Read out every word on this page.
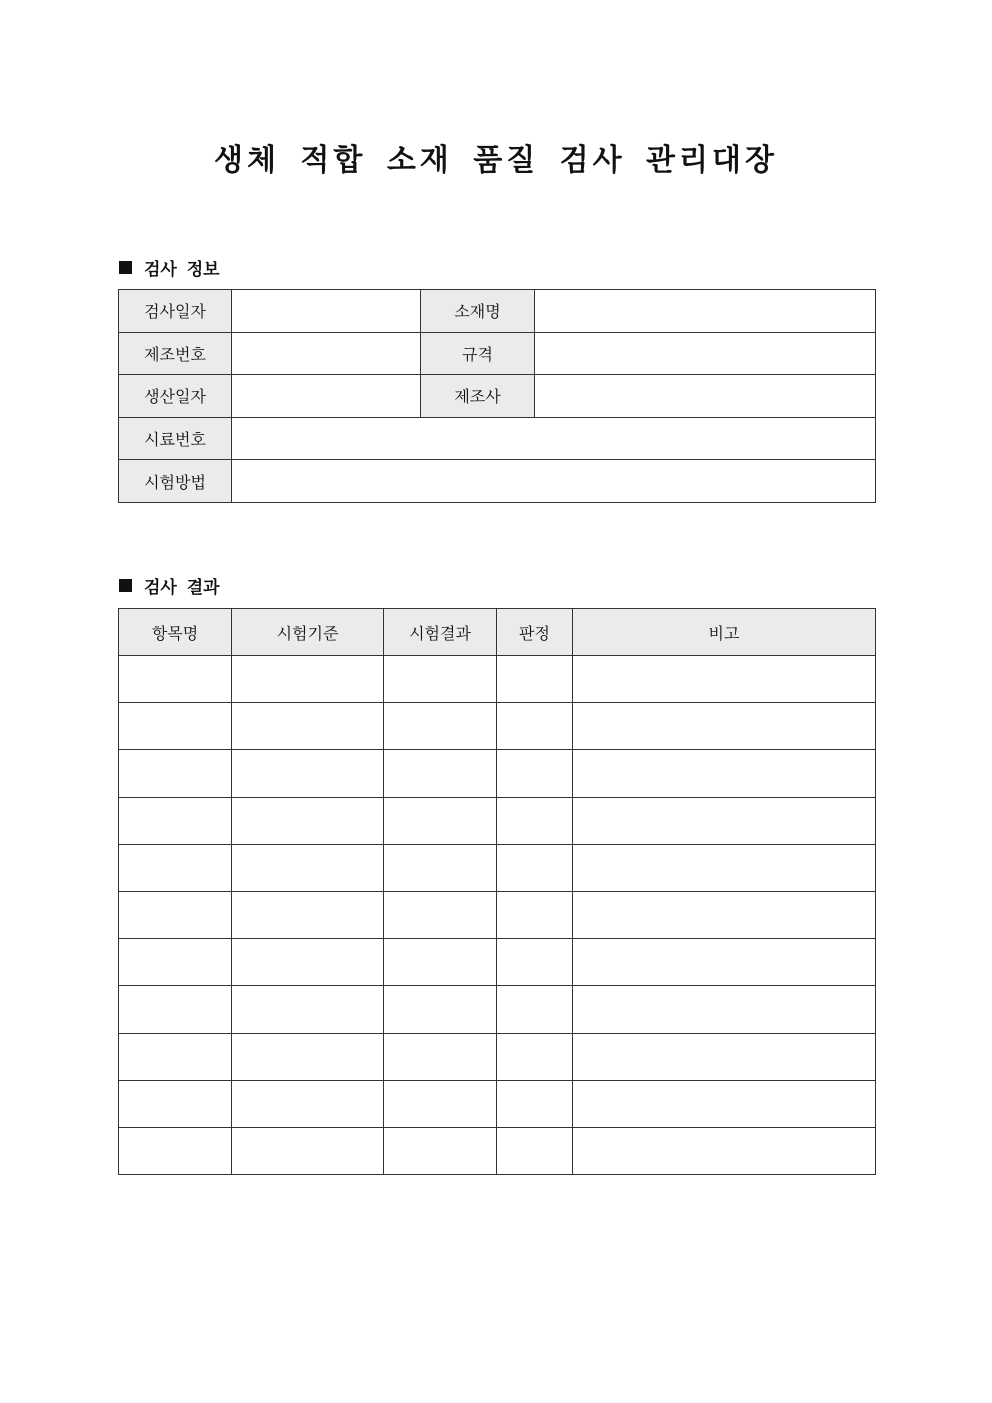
생체 적합 소재 품질 검사 관리대장
검사 정보
검사일자		소재명	
제조번호		규격	
생산일자		제조사	
시료번호			
시험방법			
검사 결과
항목명	시험기준	시험결과	판정	비고
